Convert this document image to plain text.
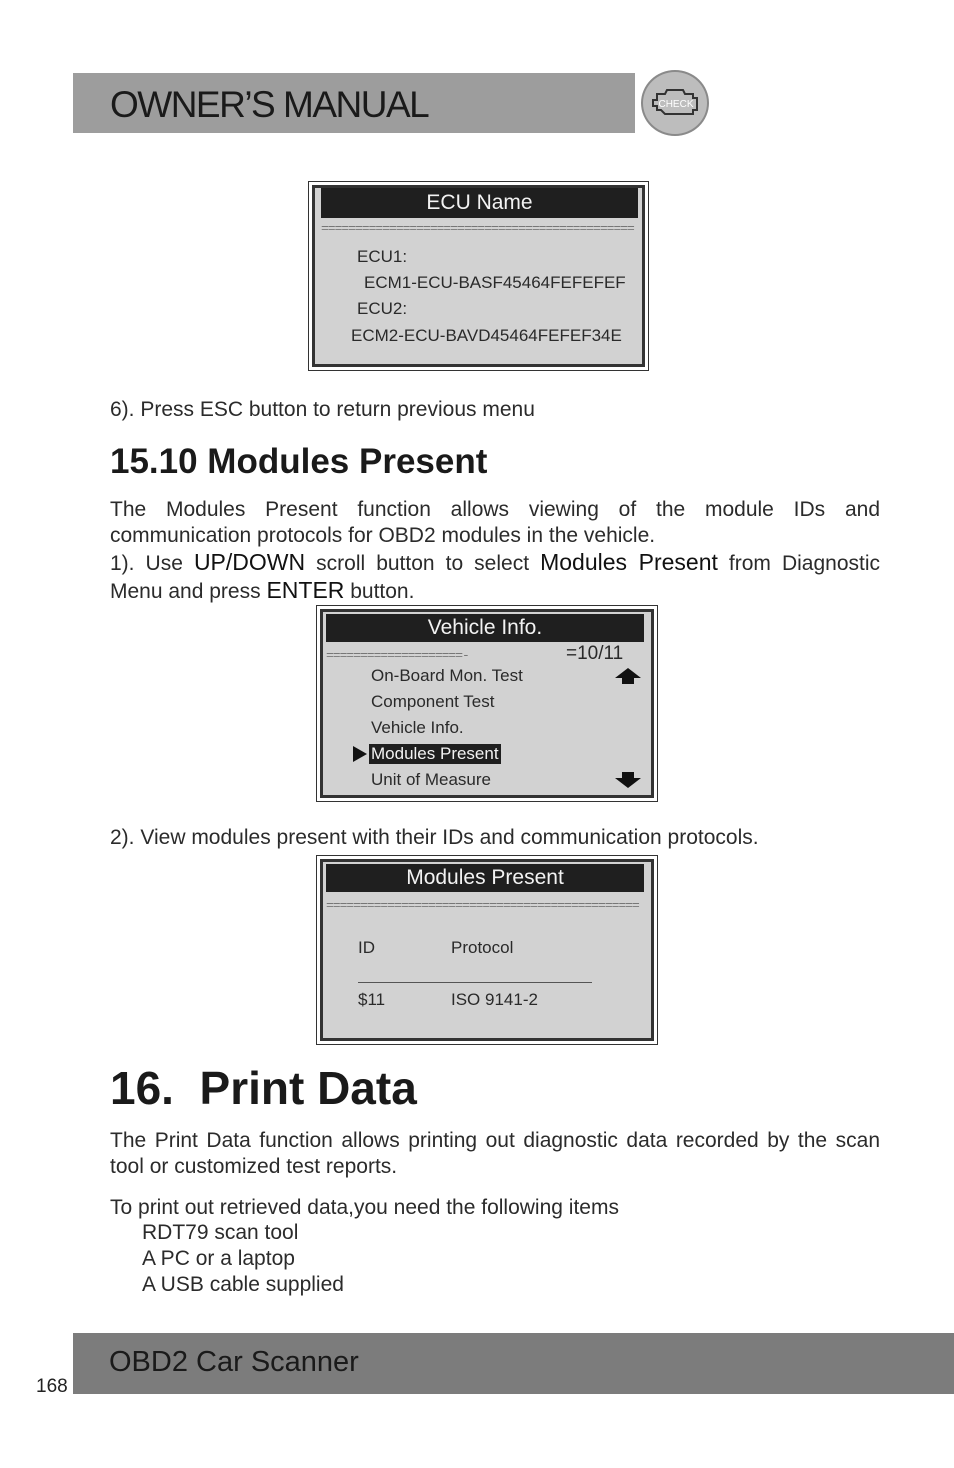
OWNER’S MANUAL	CHECK
ECU Name
==============================================
ECU1:
ECM1-ECU-BASF45464FEFEFEF
ECU2:
ECM2-ECU-BAVD45464FEFEF34E
6). Press ESC button to return previous menu
15.10 Modules Present
The Modules Present function allows viewing of the module IDs and communication protocols for OBD2 modules in the vehicle.
1). Use UP/DOWN scroll button to select Modules Present from Diagnostic Menu and press ENTER button.
Vehicle Info.
====================-	=10/11
On-Board Mon. Test
Component Test
Vehicle Info.
Modules Present
Unit of Measure
2). View modules present with their IDs and communication protocols.
Modules Present
==============================================
ID	Protocol
$11	ISO 9141-2
16.  Print Data
The Print Data function allows printing out diagnostic data recorded by the scan tool or customized test reports.
To print out retrieved data,you need the following items
RDT79 scan tool
A PC or a laptop
A USB cable supplied
OBD2 Car Scanner
168
